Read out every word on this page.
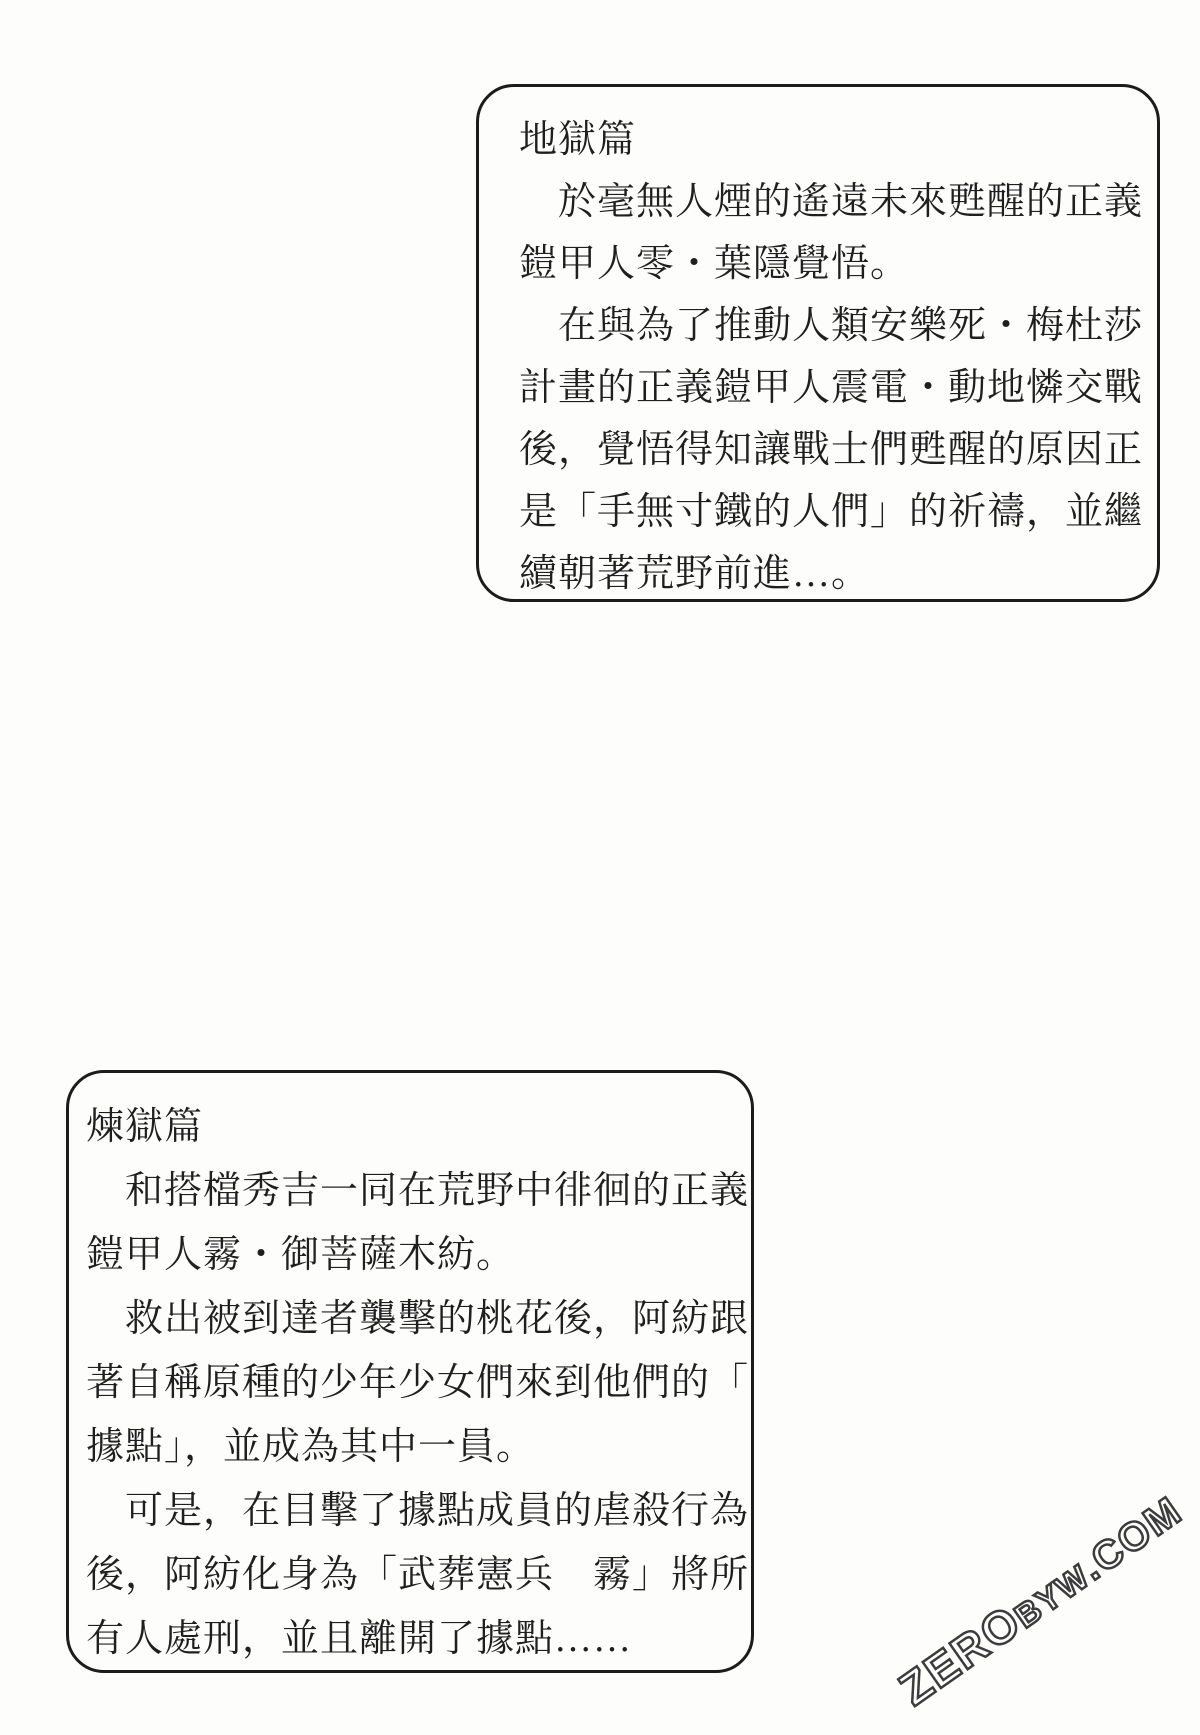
地獄篇
　於毫無人煙的遙遠未來甦醒的正義
鎧甲人零・葉隱覺悟。
　在與為了推動人類安樂死・梅杜莎
計畫的正義鎧甲人震電・動地憐交戰
後，覺悟得知讓戰士們甦醒的原因正
是「手無寸鐵的人們」的祈禱，並繼
續朝著荒野前進…。
煉獄篇
　和搭檔秀吉一同在荒野中徘徊的正義
鎧甲人霧・御菩薩木紡。
　救出被到達者襲擊的桃花後，阿紡跟
著自稱原種的少年少女們來到他們的「
據點」，並成為其中一員。
　可是，在目擊了據點成員的虐殺行為
後，阿紡化身為「武葬憲兵　霧」將所
有人處刑，並且離開了據點……	ZEROBYW.COM
